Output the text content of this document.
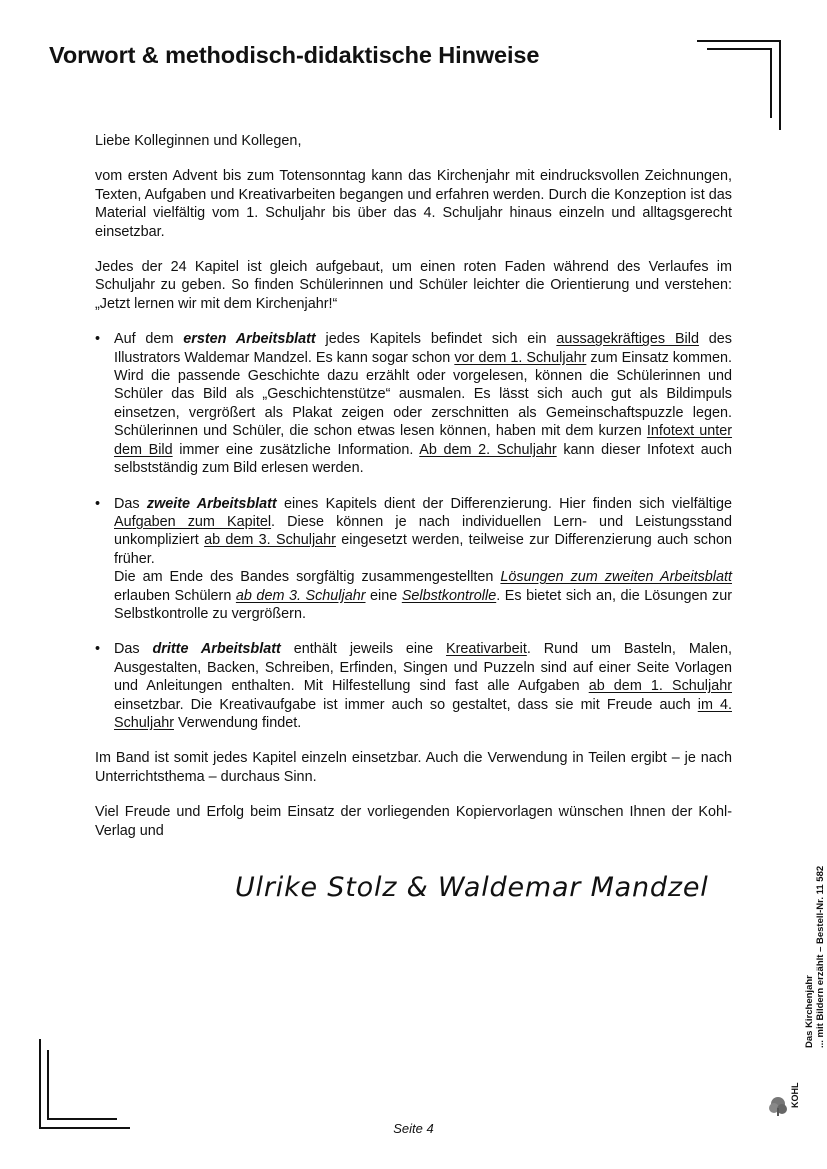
Vorwort & methodisch-didaktische Hinweise

Liebe Kolleginnen und Kollegen,

vom ersten Advent bis zum Totensonntag kann das Kirchenjahr mit eindrucksvollen Zeichnungen, Texten, Aufgaben und Kreativarbeiten begangen und erfahren werden. Durch die Konzeption ist das Material vielfältig vom 1. Schuljahr bis über das 4. Schuljahr hinaus einzeln und alltagsgerecht einsetzbar.

Jedes der 24 Kapitel ist gleich aufgebaut, um einen roten Faden während des Verlaufes im Schuljahr zu geben. So finden Schülerinnen und Schüler leichter die Orientierung und verstehen: „Jetzt lernen wir mit dem Kirchenjahr!“

• Auf dem ersten Arbeitsblatt jedes Kapitels befindet sich ein aussagekräftiges Bild des Illustrators Waldemar Mandzel. Es kann sogar schon vor dem 1. Schuljahr zum Einsatz kommen. Wird die passende Geschichte dazu erzählt oder vorgelesen, können die Schülerinnen und Schüler das Bild als „Geschichtenstütze“ ausmalen. Es lässt sich auch gut als Bildimpuls einsetzen, vergrößert als Plakat zeigen oder zerschnitten als Gemeinschaftspuzzle legen. Schülerinnen und Schüler, die schon etwas lesen können, haben mit dem kurzen Infotext unter dem Bild immer eine zusätzliche Information. Ab dem 2. Schuljahr kann dieser Infotext auch selbstständig zum Bild erlesen werden.

• Das zweite Arbeitsblatt eines Kapitels dient der Differenzierung. Hier finden sich vielfältige Aufgaben zum Kapitel. Diese können je nach individuellen Lern- und Leistungsstand unkompliziert ab dem 3. Schuljahr eingesetzt werden, teilweise zur Differenzierung auch schon früher.

Die am Ende des Bandes sorgfältig zusammengestellten Lösungen zum zweiten Arbeitsblatt erlauben Schülern ab dem 3. Schuljahr eine Selbstkontrolle. Es bietet sich an, die Lösungen zur Selbstkontrolle zu vergrößern.

• Das dritte Arbeitsblatt enthält jeweils eine Kreativarbeit. Rund um Basteln, Malen, Ausgestalten, Backen, Schreiben, Erfinden, Singen und Puzzeln sind auf einer Seite Vorlagen und Anleitungen enthalten. Mit Hilfestellung sind fast alle Aufgaben ab dem 1. Schuljahr einsetzbar. Die Kreativaufgabe ist immer auch so gestaltet, dass sie mit Freude auch im 4. Schuljahr Verwendung findet.

Im Band ist somit jedes Kapitel einzeln einsetzbar. Auch die Verwendung in Teilen ergibt – je nach Unterrichtsthema – durchaus Sinn.

Viel Freude und Erfolg beim Einsatz der vorliegenden Kopiervorlagen wünschen Ihnen der Kohl-Verlag und

Ulrike Stolz & Waldemar Mandzel

Das Kirchenjahr ... mit Bildern erzählt – Bestell-Nr. 11 582
KOHL
Seite 4
